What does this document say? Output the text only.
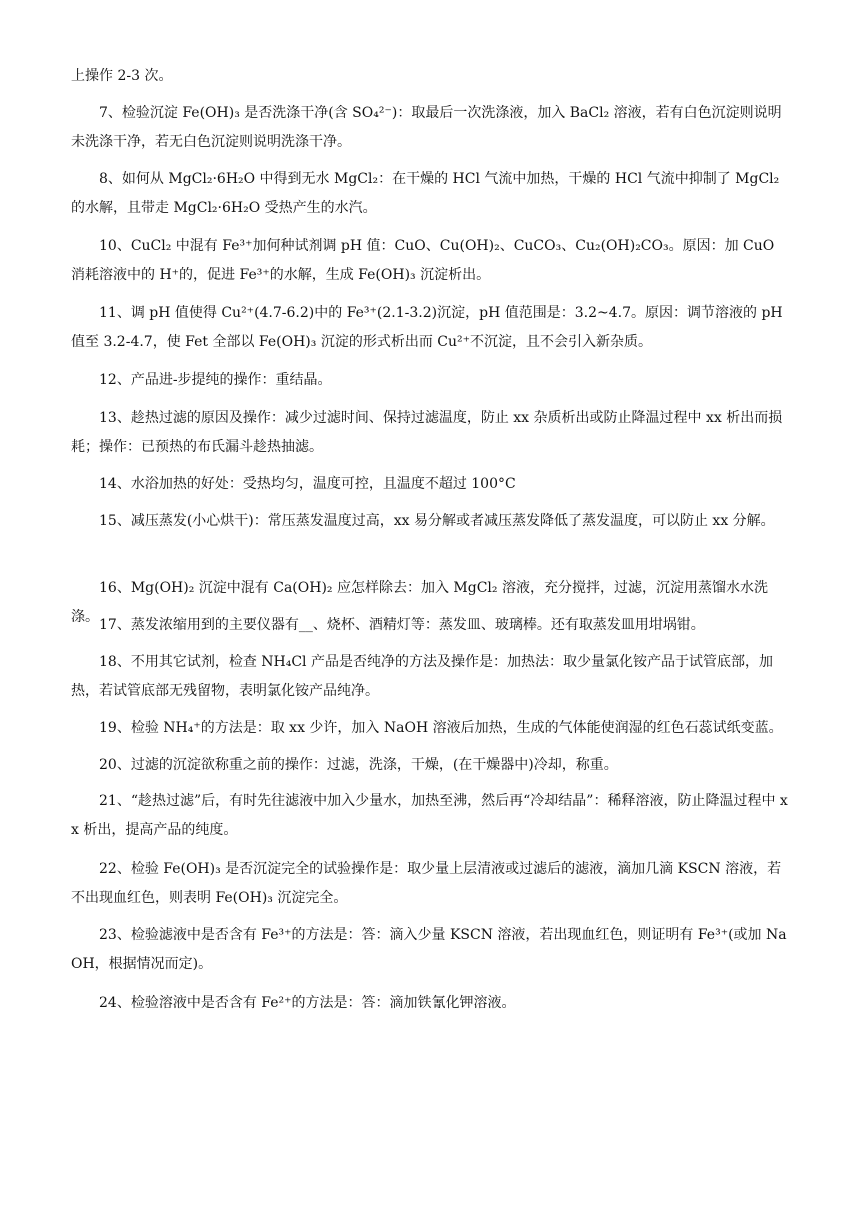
上操作 2-3 次。

7、检验沉淀 Fe(OH)₃ 是否洗涤干净(含 SO₄²⁻)：取最后一次洗涤液，加入 BaCl₂ 溶液，若有白色沉淀则说明未洗涤干净，若无白色沉淀则说明洗涤干净。

8、如何从 MgCl₂·6H₂O 中得到无水 MgCl₂：在干燥的 HCl 气流中加热，干燥的 HCl 气流中抑制了 MgCl₂ 的水解，且带走 MgCl₂·6H₂O 受热产生的水汽。

10、CuCl₂ 中混有 Fe³⁺加何种试剂调 pH 值：CuO、Cu(OH)₂、CuCO₃、Cu₂(OH)₂CO₃。原因：加 CuO 消耗溶液中的 H⁺的，促进 Fe³⁺的水解，生成 Fe(OH)₃ 沉淀析出。

11、调 pH 值使得 Cu²⁺(4.7-6.2)中的 Fe³⁺(2.1-3.2)沉淀，pH 值范围是：3.2~4.7。原因：调节溶液的 pH 值至 3.2-4.7，使 Fet 全部以 Fe(OH)₃ 沉淀的形式析出而 Cu²⁺不沉淀，且不会引入新杂质。

12、产品进-步提纯的操作：重结晶。

13、趁热过滤的原因及操作：减少过滤时间、保持过滤温度，防止 xx 杂质析出或防止降温过程中 xx 析出而损耗；操作：已预热的布氏漏斗趁热抽滤。

14、水浴加热的好处：受热均匀，温度可控，且温度不超过 100°C

15、减压蒸发(小心烘干)：常压蒸发温度过高，xx 易分解或者减压蒸发降低了蒸发温度，可以防止 xx 分解。

16、Mg(OH)₂ 沉淀中混有 Ca(OH)₂ 应怎样除去：加入 MgCl₂ 溶液，充分搅拌，过滤，沉淀用蒸馏水水洗涤。 17、蒸发浓缩用到的主要仪器有__、烧杯、酒精灯等：蒸发皿、玻璃棒。还有取蒸发皿用坩埚钳。

18、不用其它试剂，检查 NH₄Cl 产品是否纯净的方法及操作是：加热法：取少量氯化铵产品于试管底部，加热，若试管底部无残留物，表明氯化铵产品纯净。

19、检验 NH₄⁺的方法是：取 xx 少许，加入 NaOH 溶液后加热，生成的气体能使润湿的红色石蕊试纸变蓝。

20、过滤的沉淀欲称重之前的操作：过滤，洗涤，干燥，(在干燥器中)冷却，称重。

21、“趁热过滤”后，有时先往滤液中加入少量水，加热至沸，然后再“冷却结晶”：稀释溶液，防止降温过程中 xx 析出，提高产品的纯度。

22、检验 Fe(OH)₃ 是否沉淀完全的试验操作是：取少量上层清液或过滤后的滤液，滴加几滴 KSCN 溶液，若不出现血红色，则表明 Fe(OH)₃ 沉淀完全。

23、检验滤液中是否含有 Fe³⁺的方法是：答：滴入少量 KSCN 溶液，若出现血红色，则证明有 Fe³⁺(或加 NaOH，根据情况而定)。

24、检验溶液中是否含有 Fe²⁺的方法是：答：滴加铁氰化钾溶液。
